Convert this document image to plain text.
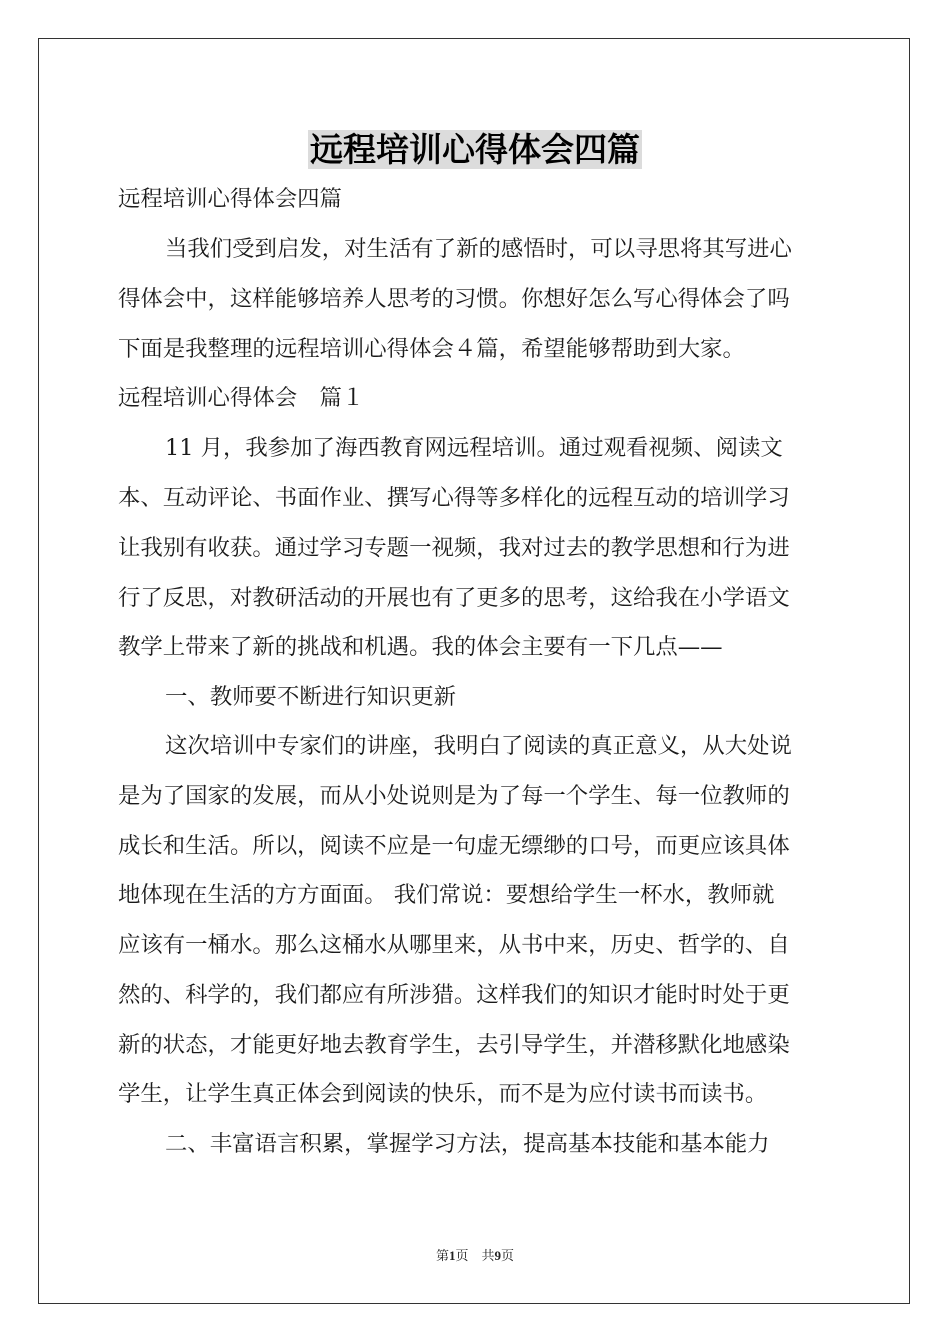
远程培训心得体会四篇
远程培训心得体会四篇
当我们受到启发，对生活有了新的感悟时，可以寻思将其写进心
得体会中，这样能够培养人思考的习惯。你想好怎么写心得体会了吗
下面是我整理的远程培训心得体会４篇，希望能够帮助到大家。
远程培训心得体会　篇１
11 月，我参加了海西教育网远程培训。通过观看视频、阅读文
本、互动评论、书面作业、撰写心得等多样化的远程互动的培训学习
让我别有收获。通过学习专题一视频，我对过去的教学思想和行为进
行了反思，对教研活动的开展也有了更多的思考，这给我在小学语文
教学上带来了新的挑战和机遇。我的体会主要有一下几点——
一、教师要不断进行知识更新
这次培训中专家们的讲座，我明白了阅读的真正意义，从大处说
是为了国家的发展，而从小处说则是为了每一个学生、每一位教师的
成长和生活。所以，阅读不应是一句虚无缥缈的口号，而更应该具体
地体现在生活的方方面面。 我们常说：要想给学生一杯水，教师就
应该有一桶水。那么这桶水从哪里来，从书中来，历史、哲学的、自
然的、科学的，我们都应有所涉猎。这样我们的知识才能时时处于更
新的状态，才能更好地去教育学生，去引导学生，并潜移默化地感染
学生，让学生真正体会到阅读的快乐，而不是为应付读书而读书。
二、丰富语言积累，掌握学习方法，提高基本技能和基本能力
第1页　共9页
